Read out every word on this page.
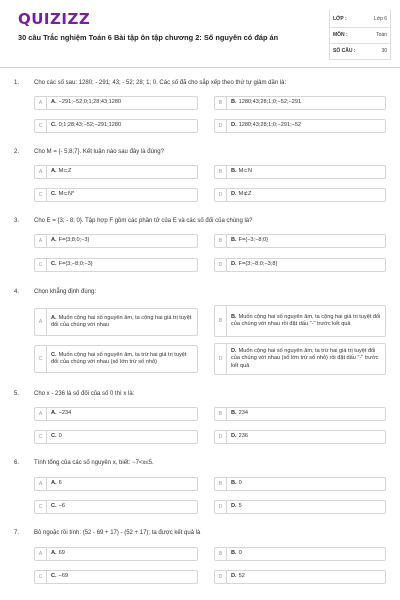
QUIZIZZ
30 câu Trắc nghiệm Toán 6 Bài tập ôn tập chương 2: Số nguyên có đáp án
LỚP :	Lớp 6
MÔN :	Toán
SỐ CÂU :	30
1. Cho các số sau: 1280; - 291; 43; - 52; 28; 1; 0. Các số đã cho sắp xếp theo thứ tự giảm dần là:
A	A. −291;−52;0;1;28;43;1280	B	B. 1280;43;28;1;0;−52;−291
C	C. 0;1;28;43;−52;−291;1280	D	D. 1280;43;28;1;0;−291;−52
2. Cho M = {- 5;8;7}. Kết luận nào sau đây là đúng?
A	A. M⊂Z	B	B. M⊂N
C	C. M⊂N*	D	D. M⊄Z
3. Cho E = {3; - 8; 0}. Tập hợp F gồm các phần tử của E và các số đối của chúng là?
A	A. F={3;8;0;−3}	B	B. F={−3;−8;0}
C	C. F={3;−8;0;−3}	D	D. F={3;−8;0;−3;8}
4. Chọn khẳng định đúng:
A
A. Muốn cộng hai số nguyên âm, ta cộng hai giá trị tuyệt đối của chúng với nhau
B
B. Muốn cộng hai số nguyên âm, ta cộng hai giá trị tuyệt đối của chúng với nhau rồi đặt dấu "-" trước kết quả
C
C. Muốn cộng hai số nguyên âm, ta trừ hai giá trị tuyệt đối của chúng với nhau (số lớn trừ số nhỏ)	D
D. Muốn cộng hai số nguyên âm, ta trừ hai giá trị tuyệt đối của chúng với nhau (số lớn trừ số nhỏ) rồi đặt dấu "-" trước kết quả
5. Cho x - 236 là số đối của số 0 thì x là:
A	A. −234	B	B. 234
C	C. 0	D	D. 236
6. Tính tổng của các số nguyên x, biết: −7<x≤5.
A	A. 6	B	B. 0
C	C. −6	D	D. 5
7. Bỏ ngoặc rồi tính: (52 - 69 + 17) - (52 + 17); ta được kết quả là
A	A. 69	B	B. 0
C	C. −69	D	D. 52
